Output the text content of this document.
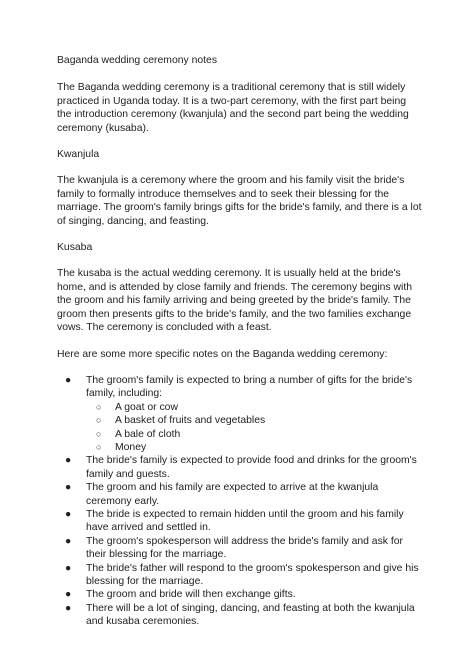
Baganda wedding ceremony notes

The Baganda wedding ceremony is a traditional ceremony that is still widely practiced in Uganda today. It is a two-part ceremony, with the first part being the introduction ceremony (kwanjula) and the second part being the wedding ceremony (kusaba).

Kwanjula

The kwanjula is a ceremony where the groom and his family visit the bride's family to formally introduce themselves and to seek their blessing for the marriage. The groom's family brings gifts for the bride's family, and there is a lot of singing, dancing, and feasting.

Kusaba

The kusaba is the actual wedding ceremony. It is usually held at the bride's home, and is attended by close family and friends. The ceremony begins with the groom and his family arriving and being greeted by the bride's family. The groom then presents gifts to the bride's family, and the two families exchange vows. The ceremony is concluded with a feast.

Here are some more specific notes on the Baganda wedding ceremony:

● The groom's family is expected to bring a number of gifts for the bride's family, including:
○ A goat or cow
○ A basket of fruits and vegetables
○ A bale of cloth
○ Money
● The bride's family is expected to provide food and drinks for the groom's family and guests.
● The groom and his family are expected to arrive at the kwanjula ceremony early.
● The bride is expected to remain hidden until the groom and his family have arrived and settled in.
● The groom's spokesperson will address the bride's family and ask for their blessing for the marriage.
● The bride's father will respond to the groom's spokesperson and give his blessing for the marriage.
● The groom and bride will then exchange gifts.
● There will be a lot of singing, dancing, and feasting at both the kwanjula and kusaba ceremonies.
